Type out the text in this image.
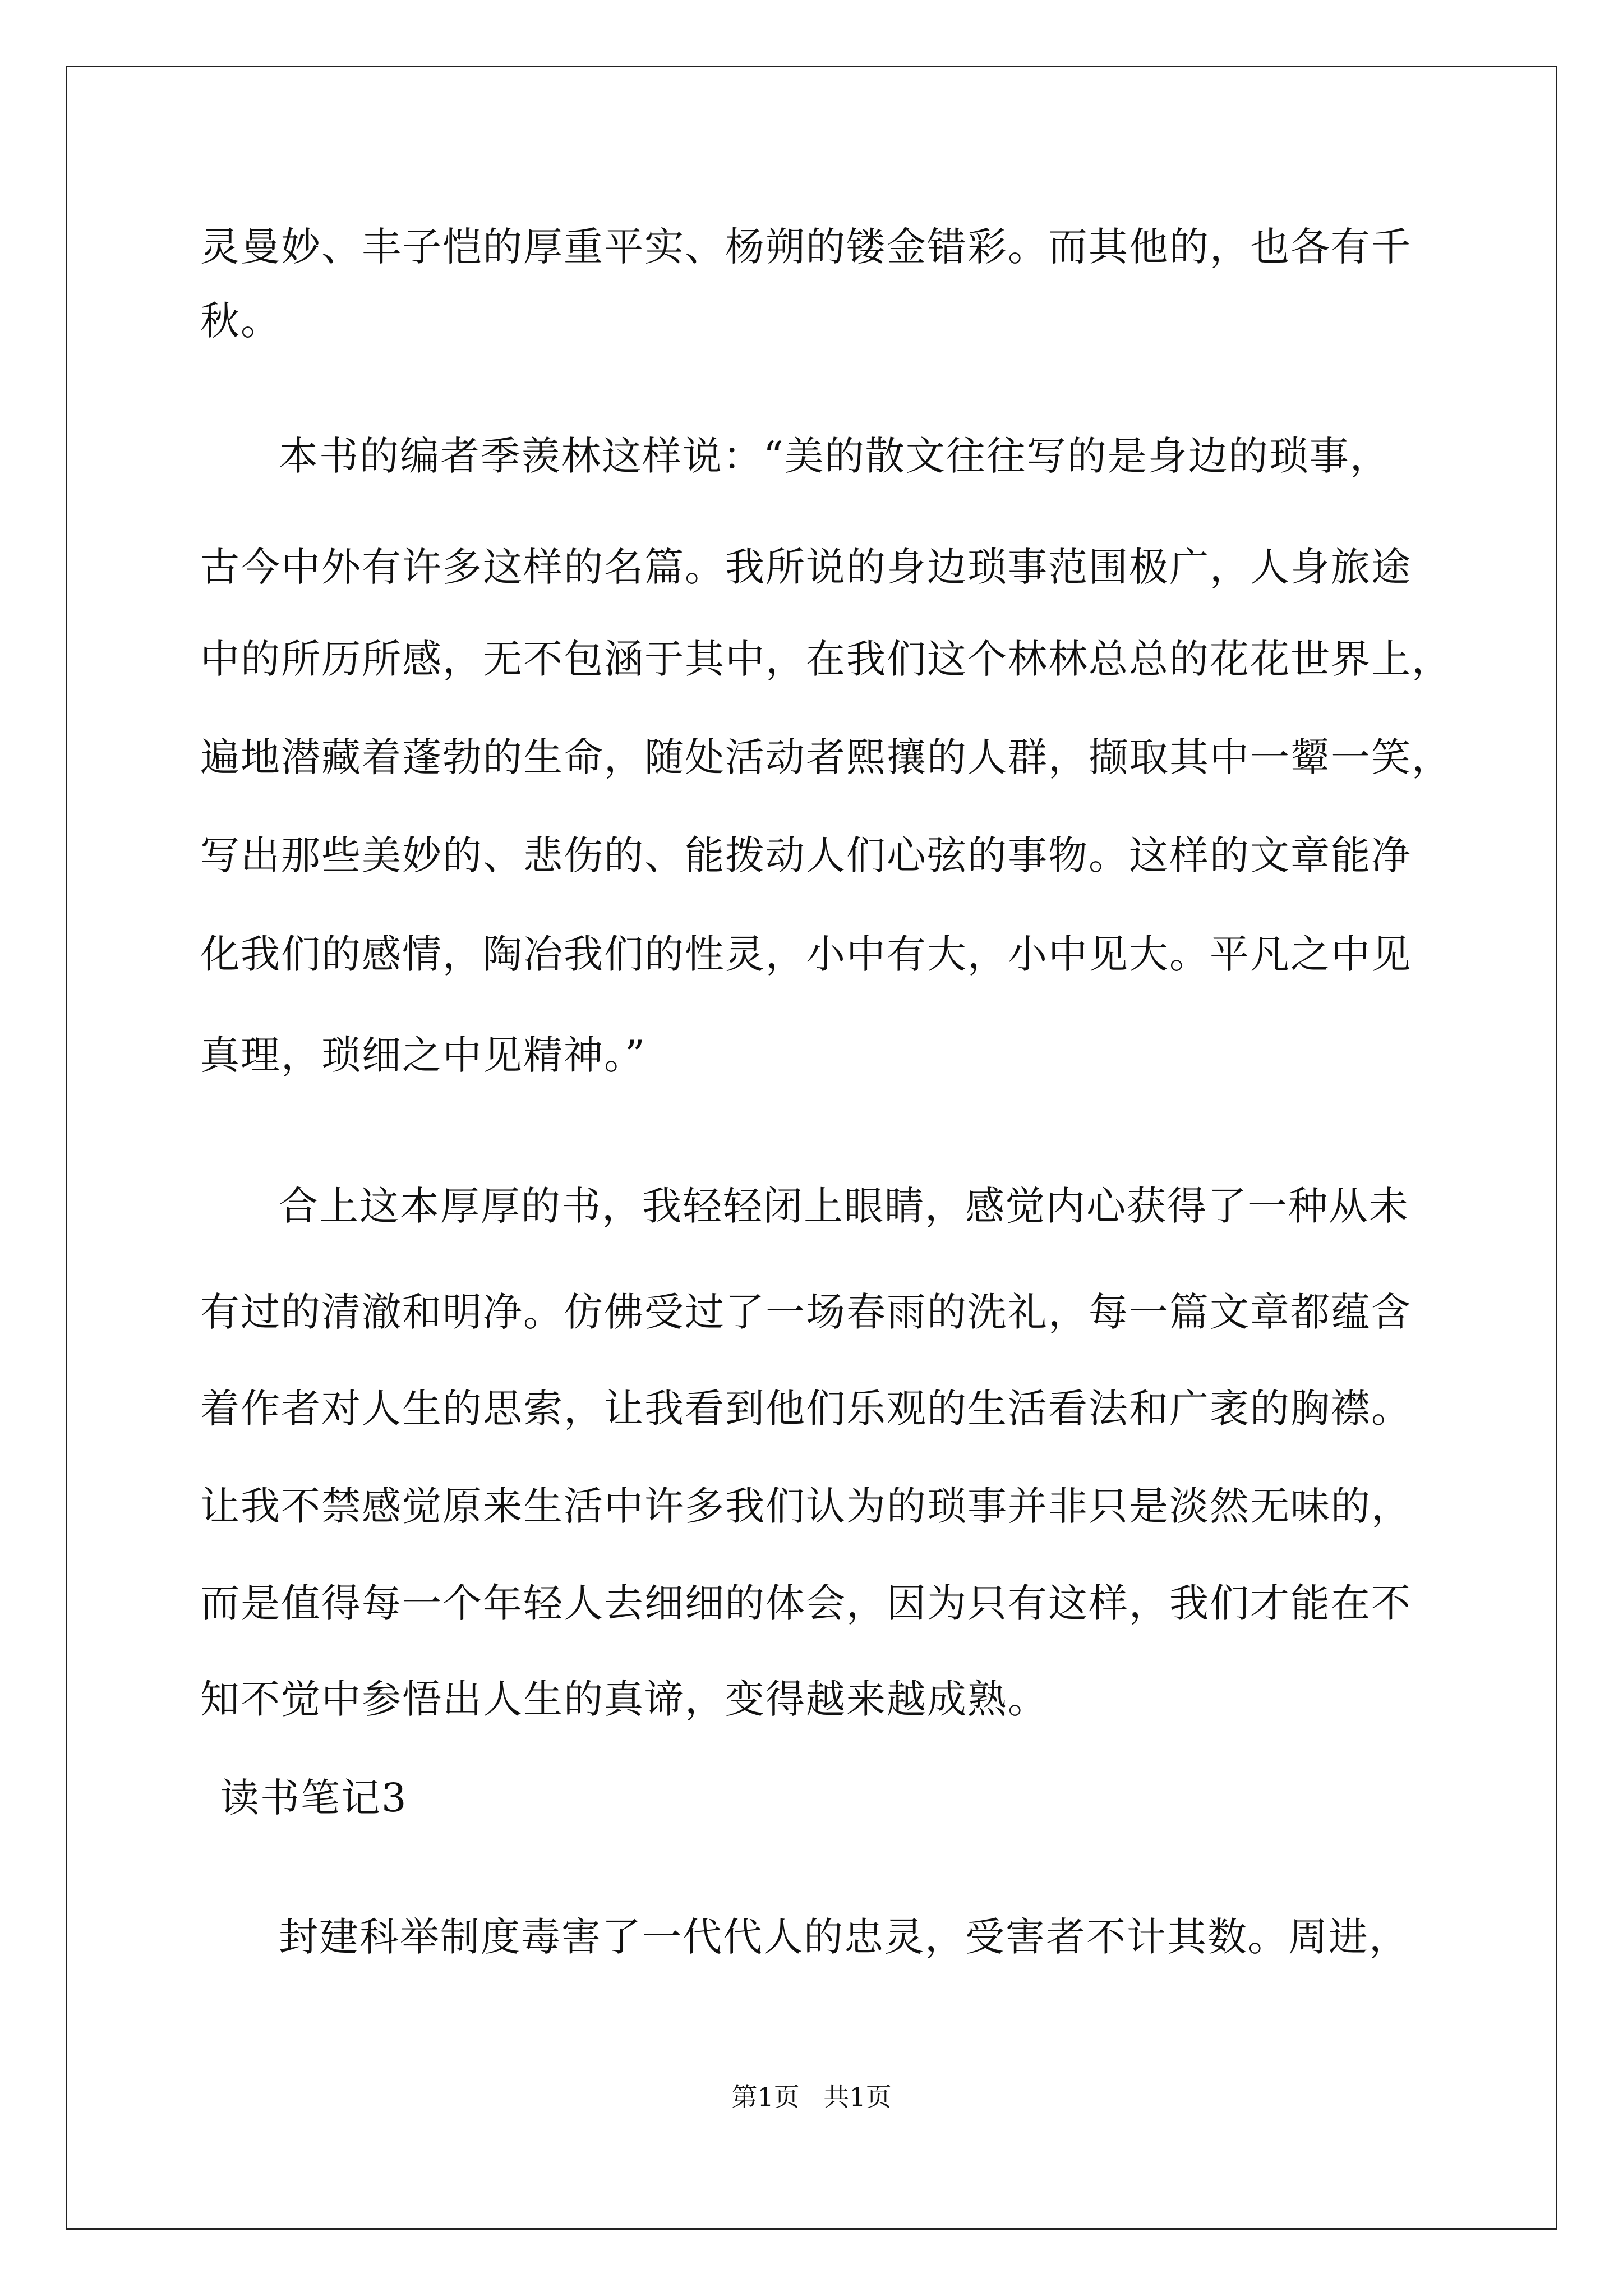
灵曼妙、丰子恺的厚重平实、杨朔的镂金错彩。而其他的，也各有千
秋。
本书的编者季羡林这样说：“美的散文往往写的是身边的琐事，
古今中外有许多这样的名篇。我所说的身边琐事范围极广，人身旅途
中的所历所感，无不包涵于其中，在我们这个林林总总的花花世界上，
遍地潜藏着蓬勃的生命，随处活动者熙攘的人群，撷取其中一颦一笑，
写出那些美妙的、悲伤的、能拨动人们心弦的事物。这样的文章能净
化我们的感情，陶冶我们的性灵，小中有大，小中见大。平凡之中见
真理，琐细之中见精神。”
合上这本厚厚的书，我轻轻闭上眼睛，感觉内心获得了一种从未
有过的清澈和明净。仿佛受过了一场春雨的洗礼，每一篇文章都蕴含
着作者对人生的思索，让我看到他们乐观的生活看法和广袤的胸襟。
让我不禁感觉原来生活中许多我们认为的琐事并非只是淡然无味的，
而是值得每一个年轻人去细细的体会，因为只有这样，我们才能在不
知不觉中参悟出人生的真谛，变得越来越成熟。
读书笔记3
封建科举制度毒害了一代代人的忠灵，受害者不计其数。周进，
第1页 共1页
